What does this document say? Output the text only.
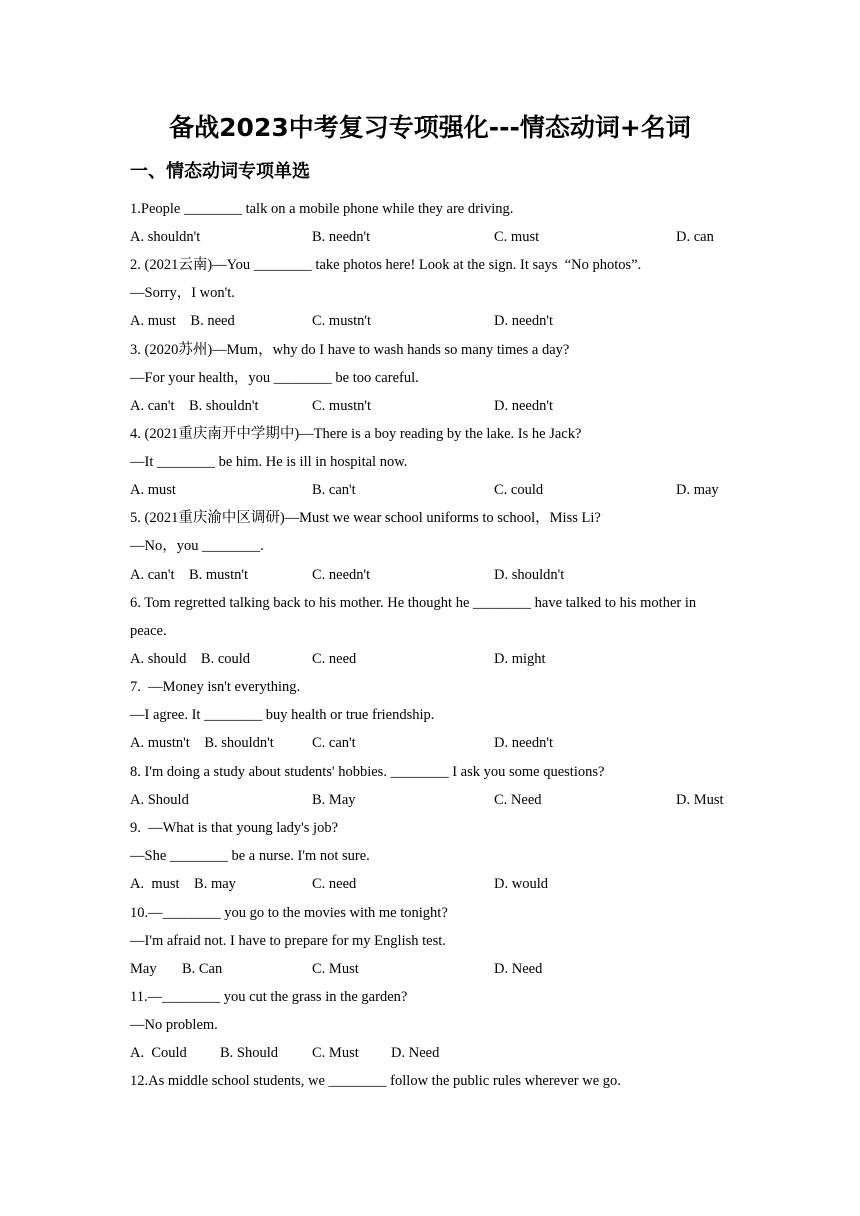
备战2023中考复习专项强化---情态动词+名词
一、情态动词专项单选
1.People ________ talk on a mobile phone while they are driving.
A. shouldn't	B. needn't	C. must	D. can
2. (2021云南)—You ________ take photos here! Look at the sign. It says  “No photos”.
—Sorry，I won't.
A. must    B. need	C. mustn't	D. needn't
3. (2020苏州)—Mum，why do I have to wash hands so many times a day?
—For your health，you ________ be too careful.
A. can't    B. shouldn't	C. mustn't	D. needn't
4. (2021重庆南开中学期中)—There is a boy reading by the lake. Is he Jack?
—It ________ be him. He is ill in hospital now.
A. must	B. can't	C. could	D. may
5. (2021重庆渝中区调研)—Must we wear school uniforms to school，Miss Li?
—No，you ________.
A. can't    B. mustn't	C. needn't	D. shouldn't
6. Tom regretted talking back to his mother. He thought he ________ have talked to his mother in
peace.
A. should    B. could	C. need	D. might
7.  —Money isn't everything.
—I agree. It ________ buy health or true friendship.
A. mustn't    B. shouldn't	C. can't	D. needn't
8. I'm doing a study about students' hobbies. ________ I ask you some questions?
A. Should	B. May	C. Need	D. Must
9.  —What is that young lady's job?
—She ________ be a nurse. I'm not sure.
A.  must    B. may	C. need	D. would
10.—________ you go to the movies with me tonight?
—I'm afraid not. I have to prepare for my English test.
May       B. Can	C. Must	D. Need
11.—________ you cut the grass in the garden?
—No problem.
A.  Could B. Should C. Must D. Need
12.As middle school students, we ________ follow the public rules wherever we go.
